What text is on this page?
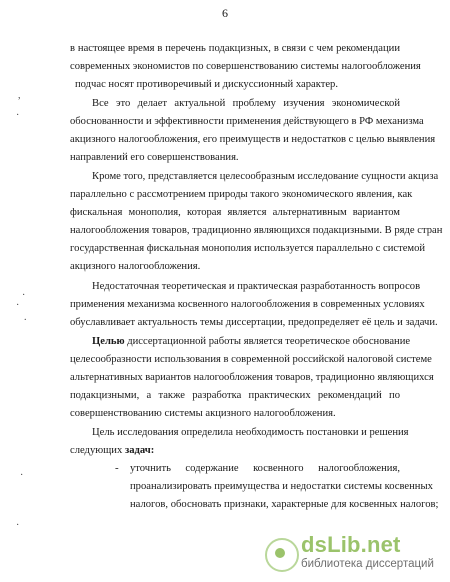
6
в настоящее время в перечень подакцизных, в связи с чем рекомендации
современных экономистов по совершенствованию системы налогообложения
подчас носят противоречивый и дискуссионный характер.
Все это делает актуальной проблему изучения экономической
обоснованности и эффективности применения действующего в РФ механизма
акцизного налогообложения, его преимуществ и недостатков с целью выявления
направлений его совершенствования.
Кроме того, представляется целесообразным исследование сущности акциза
параллельно с рассмотрением природы такого экономического явления, как
фискальная монополия, которая является альтернативным вариантом
налогообложения товаров, традиционно являющихся подакцизными. В ряде стран
государственная фискальная монополия используется параллельно с системой
акцизного налогообложения.
Недостаточная теоретическая и практическая разработанность вопросов
применения механизма косвенного налогообложения в современных условиях
обуславливает актуальность темы диссертации, предопределяет её цель и задачи.
Целью диссертационной работы является теоретическое обоснование
целесообразности использования в современной российской налоговой системе
альтернативных вариантов налогообложения товаров, традиционно являющихся
подакцизными, а также разработка практических рекомендаций по
совершенствованию системы акцизного налогообложения.
Цель исследования определила необходимость постановки и решения
следующих задач:
- уточнить содержание косвенного налогообложения,
проанализировать преимущества и недостатки системы косвенных
налогов, обосновать признаки, характерные для косвенных налогов;
,
·
·
·
.
·
·
dsLib.net
библиотека диссертаций
